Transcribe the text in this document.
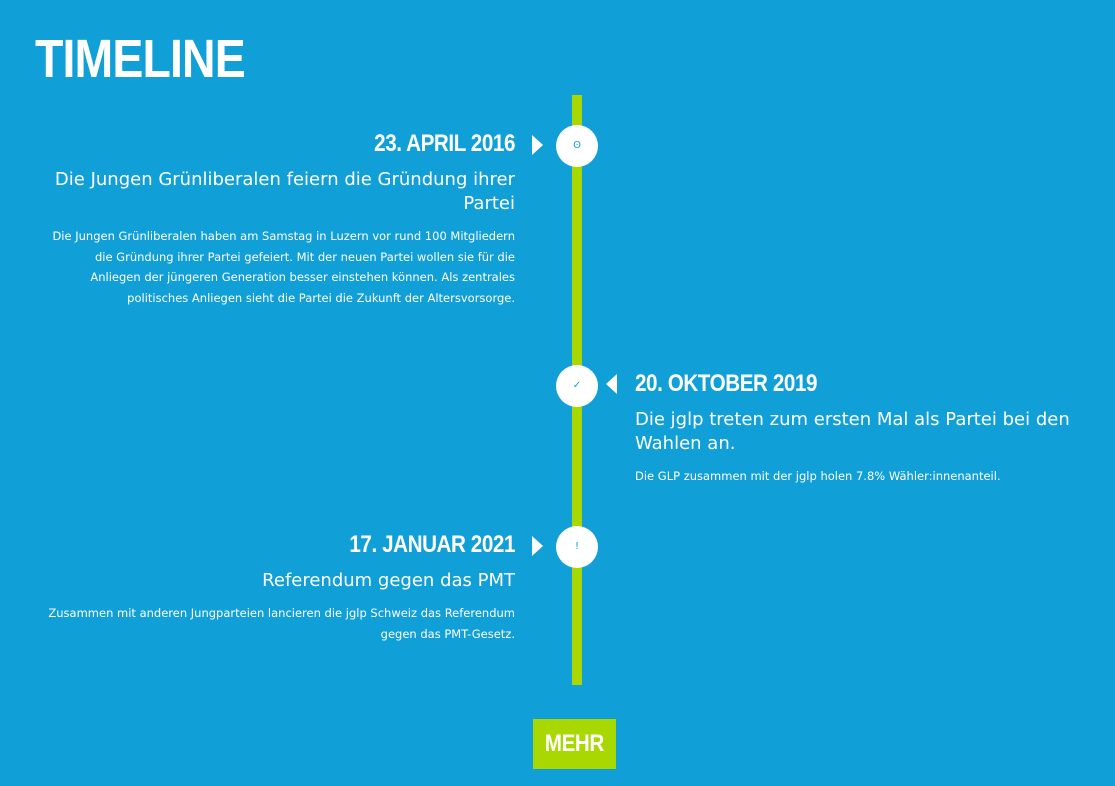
TIMELINE
ʘ
23. APRIL 2016
Die Jungen Grünliberalen feiern die Gründung ihrer Partei

Die Jungen Grünliberalen haben am Samstag in Luzern vor rund 100 Mitgliedern die Gründung ihrer Partei gefeiert. Mit der neuen Partei wollen sie für die Anliegen der jüngeren Generation besser einstehen können. Als zentrales politisches Anliegen sieht die Partei die Zukunft der Altersvorsorge.

✓ 20. OKTOBER 2019
Die jglp treten zum ersten Mal als Partei bei den Wahlen an.

Die GLP zusammen mit der jglp holen 7.8% Wähler:innenanteil.

!
17. JANUAR 2021
Referendum gegen das PMT

Zusammen mit anderen Jungparteien lancieren die jglp Schweiz das Referendum gegen das PMT-Gesetz.

MEHR
